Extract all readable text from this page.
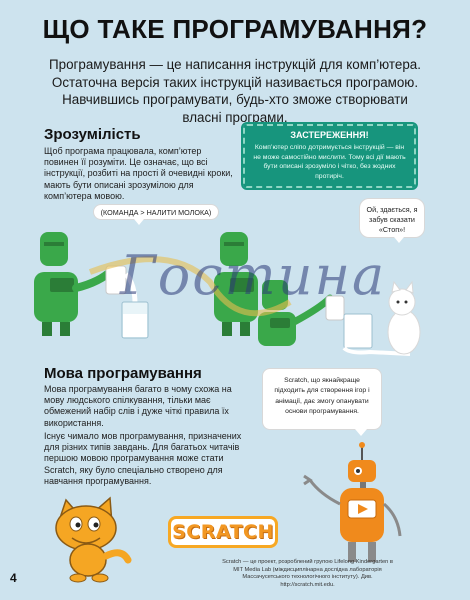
ЩО ТАКЕ ПРОГРАМУВАННЯ?
Програмування — це написання інструкцій для комп’ютера. Остаточна версія таких інструкцій називається програмою. Навчившись програмувати, будь-хто зможе створювати власні програми.
Зрозумілість
Щоб програма працювала, комп’ютер повинен її розуміти. Це означає, що всі інструкції, розбиті на прості й очевидні кроки, мають бути описані зрозумілою для комп’ютера мовою.
ЗАСТЕРЕЖЕННЯ!
Комп’ютер сліпо дотримується інструкцій — він не може самостійно мислити. Тому всі дії мають бути описані зрозуміло і чітко, без жодних протиріч.
(КОМАНДА > НАЛИТИ МОЛОКА)	Ой, здається, я забув сказати «Стоп»!
Гостина
Мова програмування
Мова програмування багато в чому схожа на мову людського спілкування, тільки має обмежений набір слів і дуже чіткі правила їх використання.
Існує чимало мов програмування, призначених для різних типів завдань. Для багатьох читачів першою мовою програмування може стати Scratch, яку було спеціально створено для навчання програмування.
Scratch, що якнайкраще підходить для створення ігор і анімації, дає змогу опанувати основи програмування.
SCRATCH
Scratch — це проект, розроблений групою Lifelong Kindergarten в MIT Media Lab (міждисциплінарна дослідна лабораторія Массачусетського технологічного інституту). Див. http://scratch.mit.edu.
4
